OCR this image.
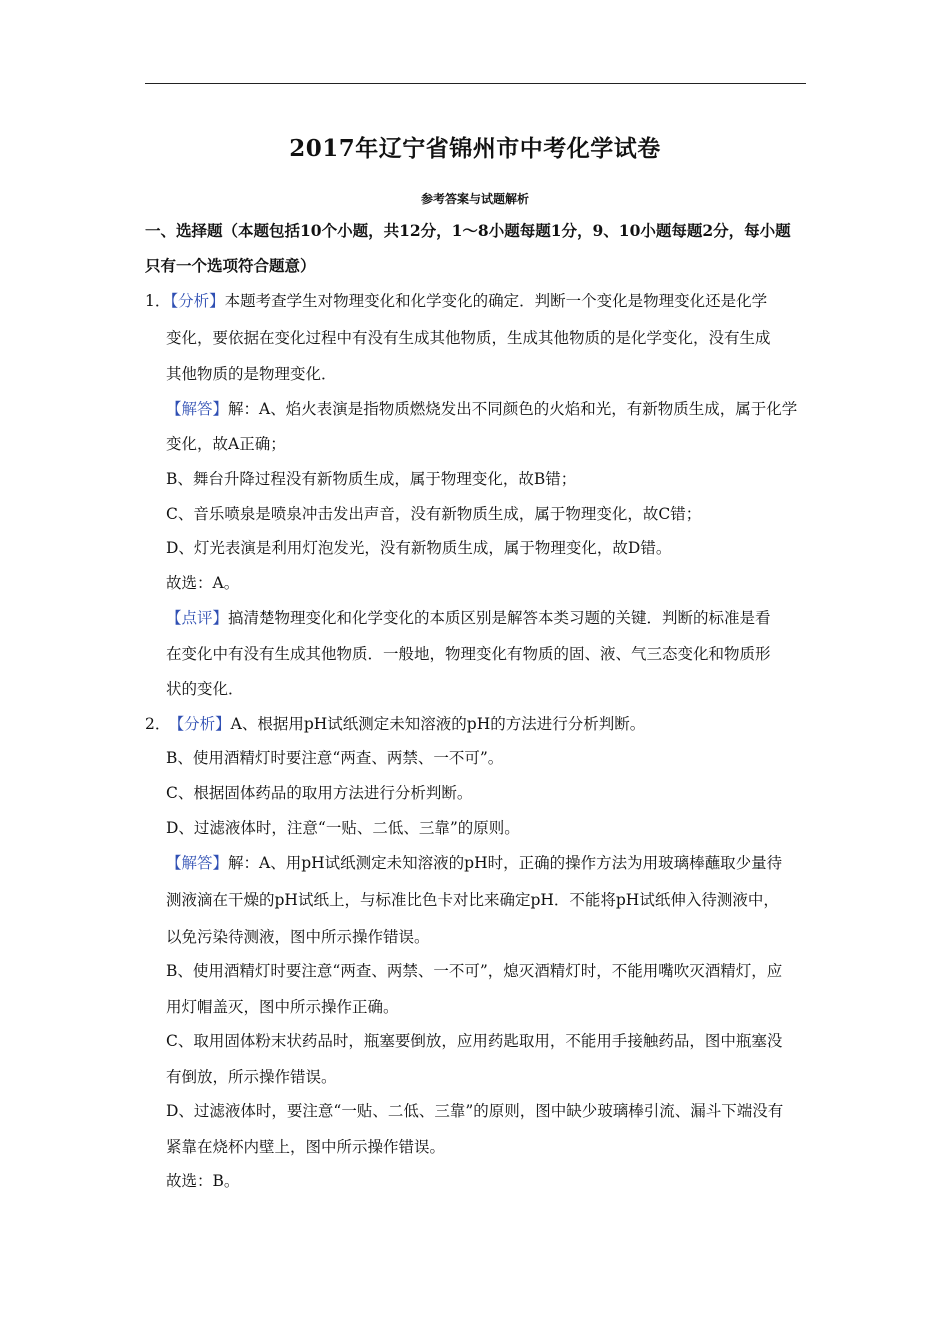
2017年辽宁省锦州市中考化学试卷
参考答案与试题解析
一、选择题（本题包括10个小题，共12分，1～8小题每题1分，9、10小题每题2分，每小题
只有一个选项符合题意）
1．【分析】本题考查学生对物理变化和化学变化的确定．判断一个变化是物理变化还是化学
变化，要依据在变化过程中有没有生成其他物质，生成其他物质的是化学变化，没有生成
其他物质的是物理变化．
【解答】解：A、焰火表演是指物质燃烧发出不同颜色的火焰和光，有新物质生成，属于化学
变化，故A正确；
B、舞台升降过程没有新物质生成，属于物理变化，故B错；
C、音乐喷泉是喷泉冲击发出声音，没有新物质生成，属于物理变化，故C错；
D、灯光表演是利用灯泡发光，没有新物质生成，属于物理变化，故D错。
故选：A。
【点评】搞清楚物理变化和化学变化的本质区别是解答本类习题的关键．判断的标准是看
在变化中有没有生成其他物质．一般地，物理变化有物质的固、液、气三态变化和物质形
状的变化．
2． 【分析】A、根据用pH试纸测定未知溶液的pH的方法进行分析判断。
B、使用酒精灯时要注意“两查、两禁、一不可”。
C、根据固体药品的取用方法进行分析判断。
D、过滤液体时，注意“一贴、二低、三靠”的原则。
【解答】解：A、用pH试纸测定未知溶液的pH时，正确的操作方法为用玻璃棒蘸取少量待
测液滴在干燥的pH试纸上，与标准比色卡对比来确定pH．不能将pH试纸伸入待测液中，
以免污染待测液，图中所示操作错误。
B、使用酒精灯时要注意“两查、两禁、一不可”，熄灭酒精灯时，不能用嘴吹灭酒精灯，应
用灯帽盖灭，图中所示操作正确。
C、取用固体粉末状药品时，瓶塞要倒放，应用药匙取用，不能用手接触药品，图中瓶塞没
有倒放，所示操作错误。
D、过滤液体时，要注意“一贴、二低、三靠”的原则，图中缺少玻璃棒引流、漏斗下端没有
紧靠在烧杯内壁上，图中所示操作错误。
故选：B。
